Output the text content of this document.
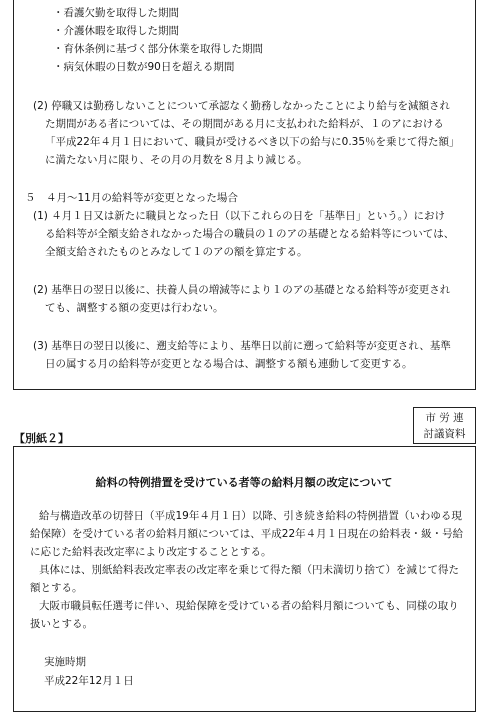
・看護欠勤を取得した期間
・介護休暇を取得した期間
・育休条例に基づく部分休業を取得した期間
・病気休暇の日数が90日を超える期間
(2) 停職又は勤務しないことについて承認なく勤務しなかったことにより給与を減額され
た期間がある者については、その期間がある月に支払われた給料が、１のアにおける
「平成22年４月１日において、職員が受けるべき以下の給与に0.35％を乗じて得た額」
に満たない月に限り、その月の月数を８月より減じる。
５　４月～11月の給料等が変更となった場合
(1) ４月１日又は新たに職員となった日（以下これらの日を「基準日」という。）におけ
る給料等が全額支給されなかった場合の職員の１のアの基礎となる給料等については、
全額支給されたものとみなして１のアの額を算定する。
(2) 基準日の翌日以後に、扶養人員の増減等により１のアの基礎となる給料等が変更され
ても、調整する額の変更は行わない。
(3) 基準日の翌日以後に、遡支給等により、基準日以前に遡って給料等が変更され、基準
日の属する月の給料等が変更となる場合は、調整する額も連動して変更する。
市 労 連
討議資料
【別紙２】
給料の特例措置を受けている者等の給料月額の改定について
給与構造改革の切替日（平成19年４月１日）以降、引き続き給料の特例措置（いわゆる現
給保障）を受けている者の給料月額については、平成22年４月１日現在の給料表・級・号給
に応じた給料表改定率により改定することとする。
具体には、別紙給料表改定率表の改定率を乗じて得た額（円未満切り捨て）を減じて得た
額とする。
大阪市職員転任選考に伴い、現給保障を受けている者の給料月額についても、同様の取り
扱いとする。
実施時期
平成22年12月１日
